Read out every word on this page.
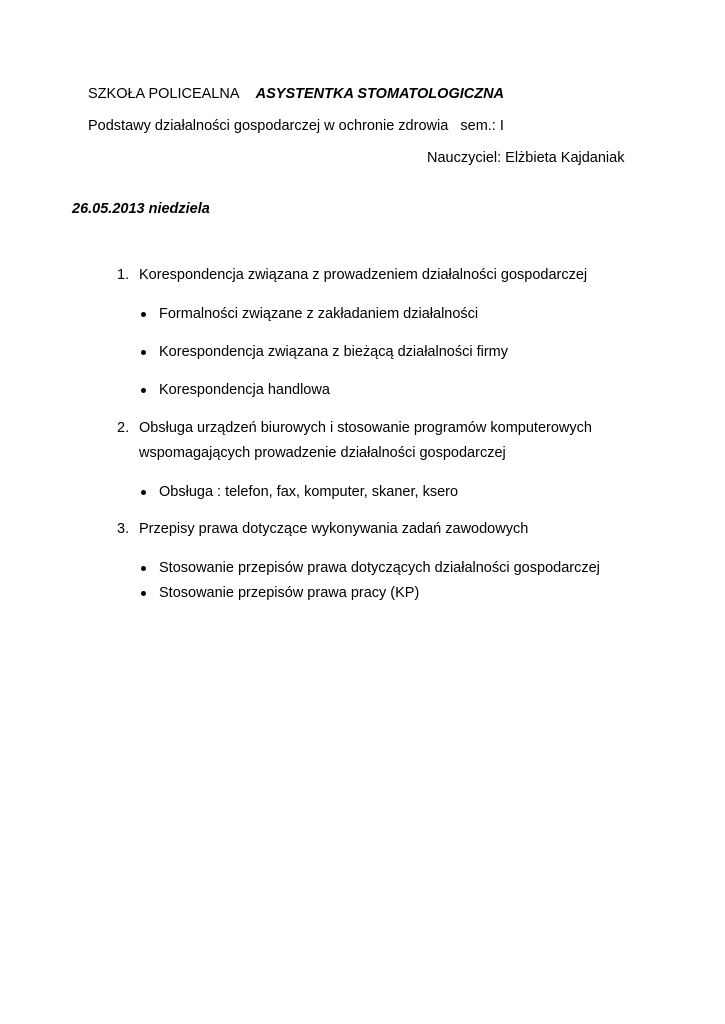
SZKOŁA POLICEALNA ASYSTENTKA STOMATOLOGICZNA
Podstawy działalności gospodarczej w ochronie zdrowia sem.: I
Nauczyciel: Elżbieta Kajdaniak
26.05.2013 niedziela
1. Korespondencja związana z prowadzeniem działalności gospodarczej
Formalności związane z zakładaniem działalności
Korespondencja związana z bieżącą działalności firmy
Korespondencja handlowa
2. Obsługa urządzeń biurowych i stosowanie programów komputerowych
wspomagających prowadzenie działalności gospodarczej
Obsługa : telefon, fax, komputer, skaner, ksero
3. Przepisy prawa dotyczące wykonywania zadań zawodowych
Stosowanie przepisów prawa dotyczących działalności gospodarczej
Stosowanie przepisów prawa pracy (KP)
